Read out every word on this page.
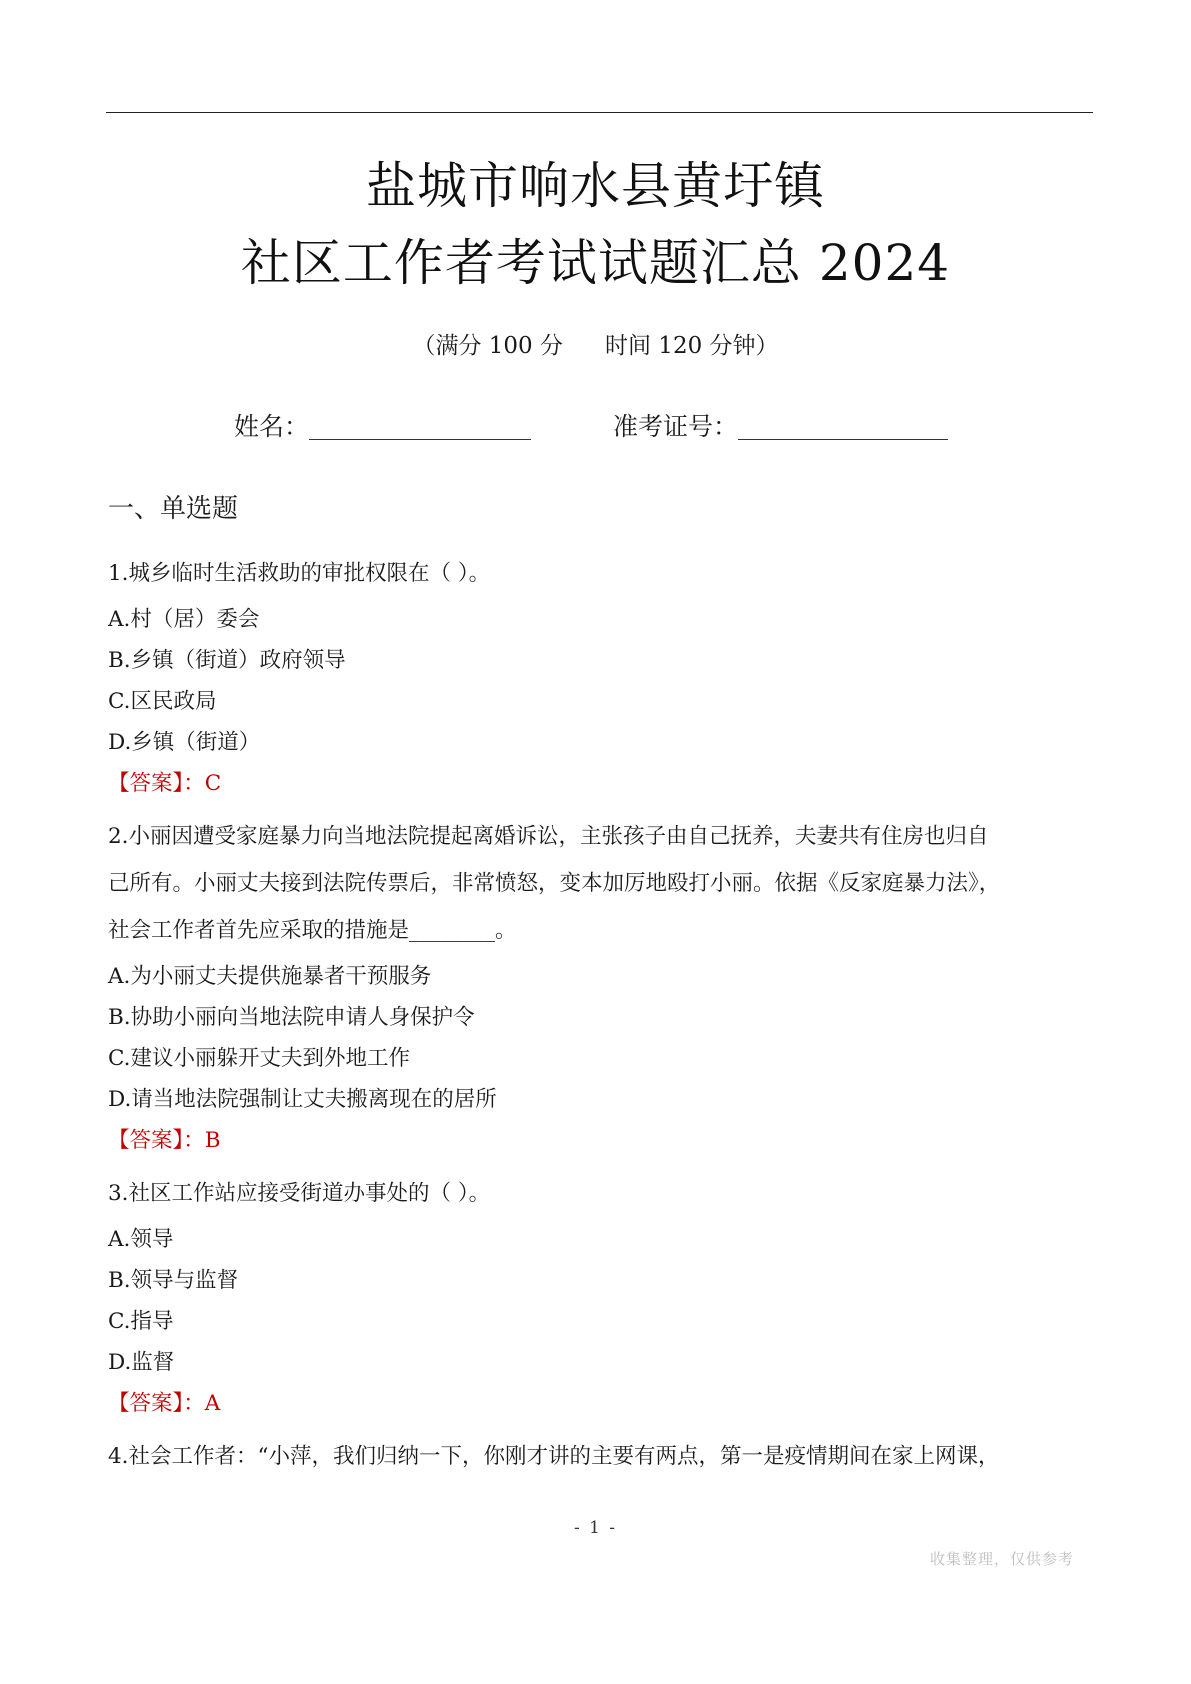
盐城市响水县黄圩镇
社区工作者考试试题汇总 2024
（满分 100 分 时间 120 分钟）
姓名：	准考证号：
一、单选题
1.城乡临时生活救助的审批权限在（ ）。
A.村（居）委会
B.乡镇（街道）政府领导
C.区民政局
D.乡镇（街道）
【答案】：C
2.小丽因遭受家庭暴力向当地法院提起离婚诉讼，主张孩子由自己抚养，夫妻共有住房也归自
己所有。小丽丈夫接到法院传票后，非常愤怒，变本加厉地殴打小丽。依据《反家庭暴力法》，
社会工作者首先应采取的措施是________。
A.为小丽丈夫提供施暴者干预服务
B.协助小丽向当地法院申请人身保护令
C.建议小丽躲开丈夫到外地工作
D.请当地法院强制让丈夫搬离现在的居所
【答案】：B
3.社区工作站应接受街道办事处的（ ）。
A.领导
B.领导与监督
C.指导
D.监督
【答案】：A
4.社会工作者：“小萍，我们归纳一下，你刚才讲的主要有两点，第一是疫情期间在家上网课，
- 1 -
收集整理，仅供参考
